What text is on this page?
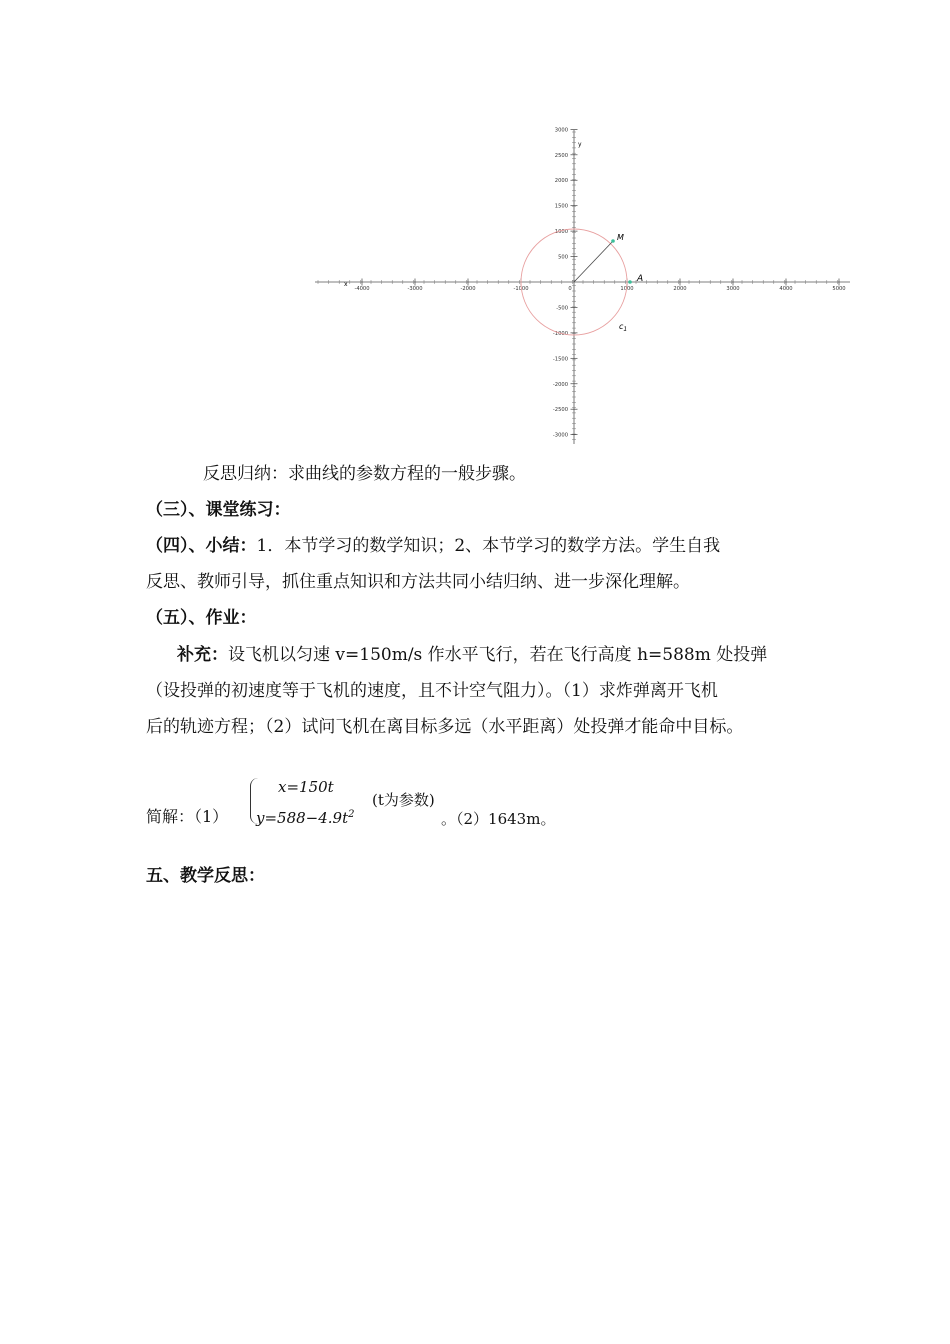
-4000	-3000	-2000	-1000	0	1000	2000	3000	4000	5000
3000
2500
2000
1500
1000
500
-500
-1000
-1500
-2000
-2500
-3000
M
A
$c_1$
x
y
反思归纳：求曲线的参数方程的一般步骤。
（三）、课堂练习：
（四）、小结：1．本节学习的数学知识；2、本节学习的数学方法。学生自我
反思、教师引导，抓住重点知识和方法共同小结归纳、进一步深化理解。
（五）、作业：
补充：设飞机以匀速 v=150m/s 作水平飞行，若在飞行高度 h=588m 处投弹
（设投弹的初速度等于飞机的速度，且不计空气阻力）。（1）求炸弹离开飞机
后的轨迹方程；（2）试问飞机在离目标多远（水平距离）处投弹才能命中目标。
简解：（1）
x=150t
$y=588-4.9t^2$
(t为参数)
。（2）1643m。
五、教学反思：
